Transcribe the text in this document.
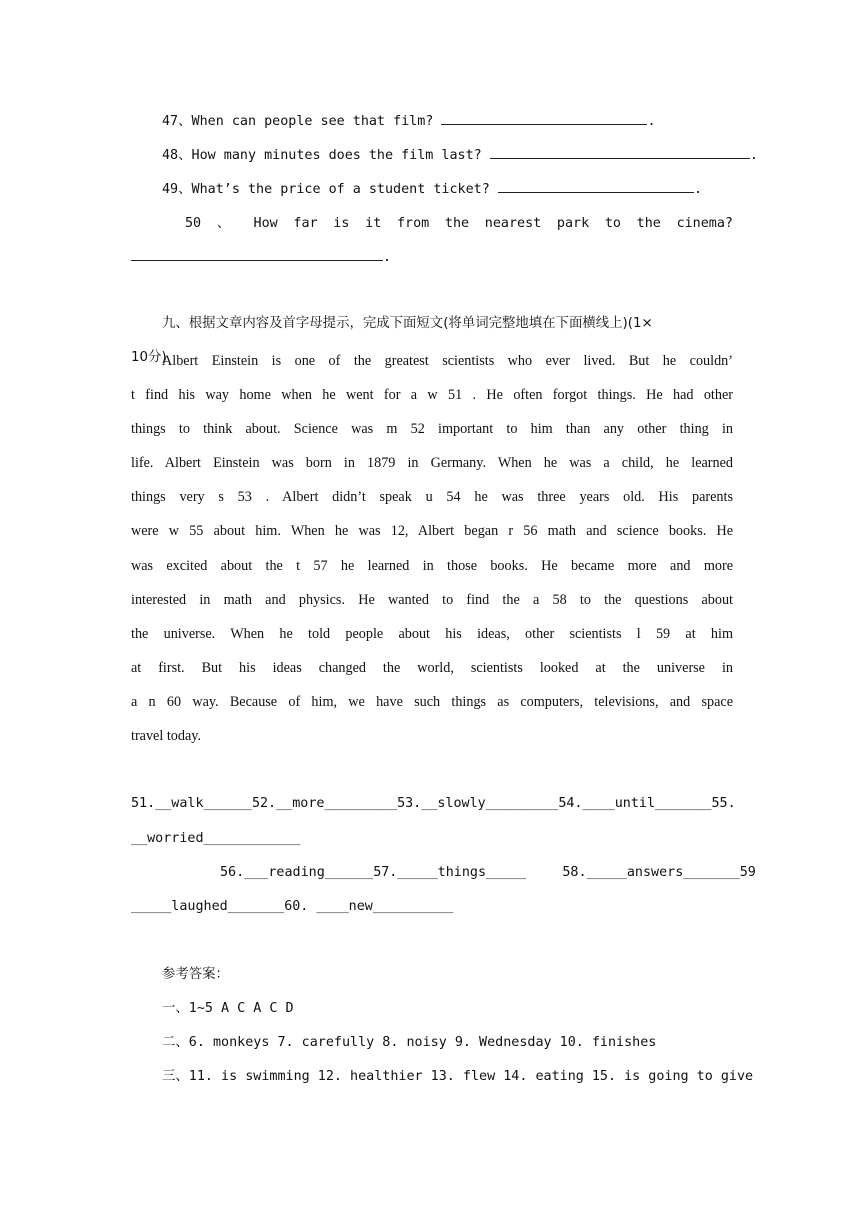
47、When can people see that film?	.
48、How many minutes does the film last?	.
49、What’s the price of a student ticket?	.
50 、 How far is it from the nearest park to the cinema?
.
九、根据文章内容及首字母提示，完成下面短文(将单词完整地填在下面横线上)(1×
10分)
Albert Einstein is one of the greatest scientists who ever lived. But he couldn’
t find his way home when he went for a w 51 . He often forgot things. He had other
things to think about. Science was m 52 important to him than any other thing in
life. Albert Einstein was born in 1879 in Germany. When he was a child, he learned
things very s 53 . Albert didn’t speak u 54 he was three years old. His parents
were w 55 about him. When he was 12, Albert began r 56 math and science books. He
was excited about the t 57 he learned in those books. He became more and more
interested in math and physics. He wanted to find the a 58 to the questions about
the universe. When he told people about his ideas, other scientists l 59 at him
at first. But his ideas changed the world, scientists looked at the universe in
a n 60 way. Because of him, we have such things as computers, televisions, and space
travel today.
51.__walk______52.__more_________53.__slowly_________54.____until_______55.
__worried____________
56.___reading______57._____things_____	58._____answers_______59
_____laughed_______60. ____new__________
参考答案：
一、1~5 A C A C D
二、6. monkeys 7. carefully 8. noisy 9. Wednesday 10. finishes
三、11. is swimming 12. healthier 13. flew 14. eating 15. is going to give
